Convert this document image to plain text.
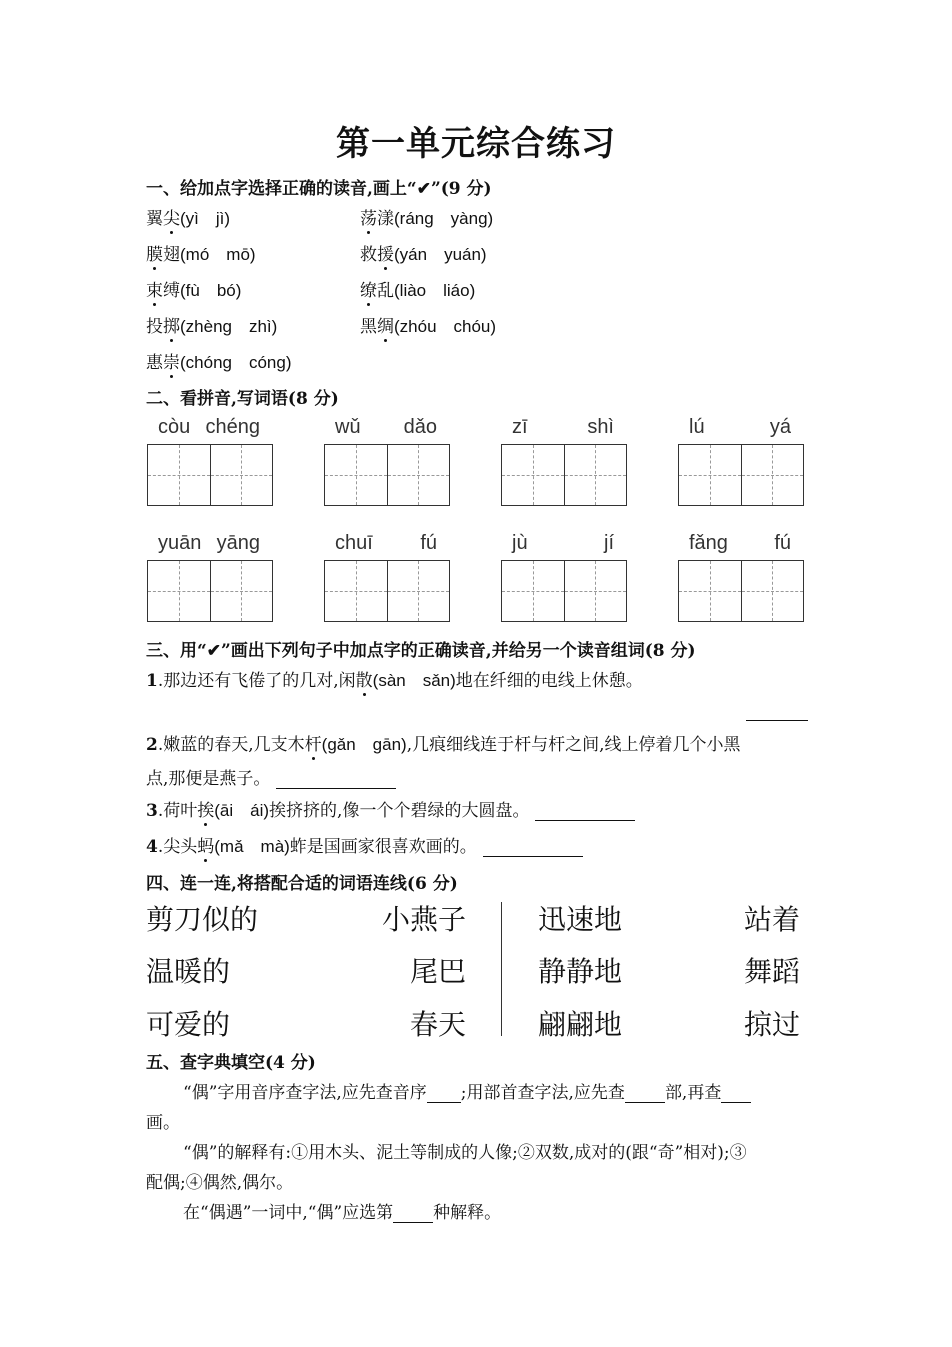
第一单元综合练习
一、给加点字选择正确的读音,画上“✔”(9 分)
翼尖(yì　jì)	荡漾(ráng　yàng)
膜翅(mó　mō)	救援(yán　yuán)
束缚(fù　bó)	缭乱(liào　liáo)
投掷(zhèng　zhì)	黑绸(zhóu　chóu)
惠崇(chóng　cóng)
二、看拼音,写词语(8 分)
còu chéng	wǔ dǎo	zī	shì	lú	yá
yuān yāng	chuī fú	jù	jí	fǎng fú
三、用“✔”画出下列句子中加点字的正确读音,并给另一个读音组词(8 分)
1.那边还有飞倦了的几对,闲散(sàn　sǎn)地在纤细的电线上休憩。
2.嫩蓝的春天,几支木杆(gǎn　gān),几痕细线连于杆与杆之间,线上停着几个小黑
点,那便是燕子。
3.荷叶挨(āi　ái)挨挤挤的,像一个个碧绿的大圆盘。
4.尖头蚂(mǎ　mà)蚱是国画家很喜欢画的。
四、连一连,将搭配合适的词语连线(6 分)
剪刀似的	小燕子	迅速地	站着
温暖的	尾巴	静静地	舞蹈
可爱的	春天	翩翩地	掠过
五、查字典填空(4 分)
“偶”字用音序查字法,应先查音序 ;用部首查字法,应先查 部,再查
画。
“偶”的解释有:①用木头、泥土等制成的人像;②双数,成对的(跟“奇”相对);③
配偶;④偶然,偶尔。
在“偶遇”一词中,“偶”应选第 种解释。
